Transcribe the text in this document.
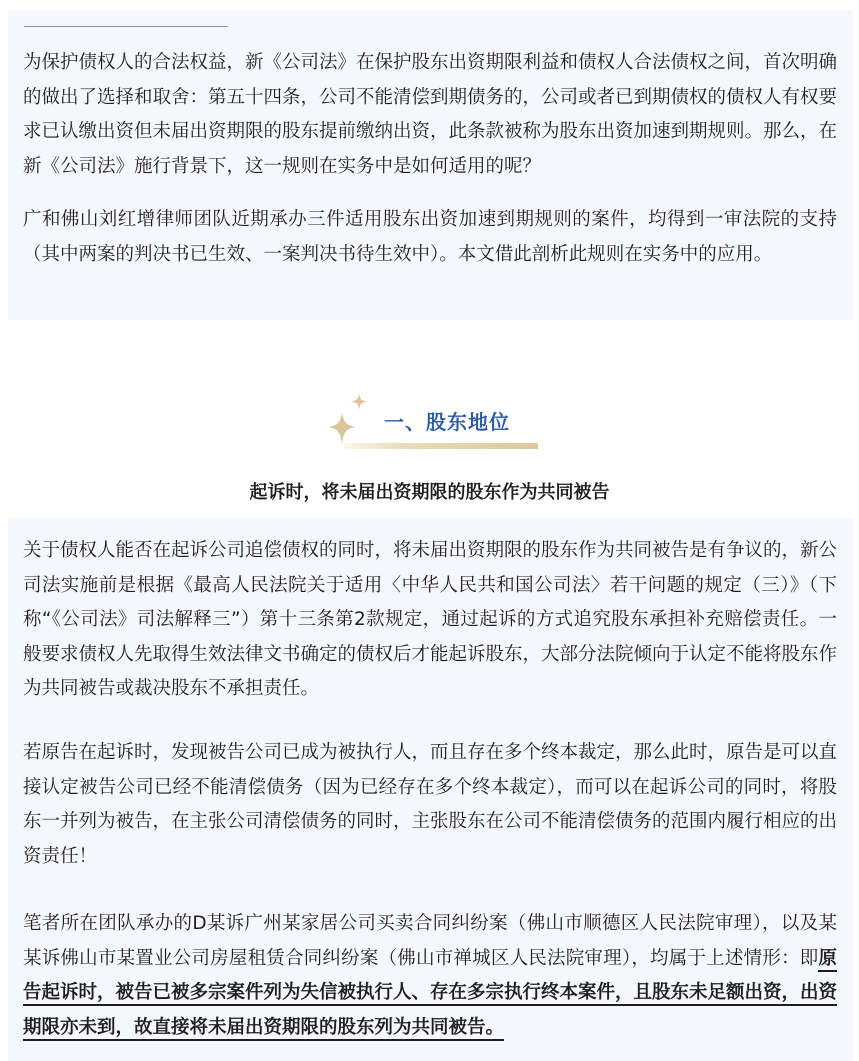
为保护债权人的合法权益，新《公司法》在保护股东出资期限利益和债权人合法债权之间，首次明确的做出了选择和取舍：第五十四条，公司不能清偿到期债务的，公司或者已到期债权的债权人有权要求已认缴出资但未届出资期限的股东提前缴纳出资，此条款被称为股东出资加速到期规则。那么，在新《公司法》施行背景下，这一规则在实务中是如何适用的呢？

广和佛山刘红增律师团队近期承办三件适用股东出资加速到期规则的案件，均得到一审法院的支持（其中两案的判决书已生效、一案判决书待生效中）。本文借此剖析此规则在实务中的应用。

一、股东地位
起诉时，将未届出资期限的股东作为共同被告

关于债权人能否在起诉公司追偿债权的同时，将未届出资期限的股东作为共同被告是有争议的，新公司法实施前是根据《最高人民法院关于适用〈中华人民共和国公司法〉若干问题的规定（三）》（下称“《公司法》司法解释三”）第十三条第2款规定，通过起诉的方式追究股东承担补充赔偿责任。一般要求债权人先取得生效法律文书确定的债权后才能起诉股东，大部分法院倾向于认定不能将股东作为共同被告或裁决股东不承担责任。

若原告在起诉时，发现被告公司已成为被执行人，而且存在多个终本裁定，那么此时，原告是可以直接认定被告公司已经不能清偿债务（因为已经存在多个终本裁定），而可以在起诉公司的同时，将股东一并列为被告，在主张公司清偿债务的同时，主张股东在公司不能清偿债务的范围内履行相应的出资责任！

笔者所在团队承办的D某诉广州某家居公司买卖合同纠纷案（佛山市顺德区人民法院审理），以及某某诉佛山市某置业公司房屋租赁合同纠纷案（佛山市禅城区人民法院审理），均属于上述情形：即原告起诉时，被告已被多宗案件列为失信被执行人、存在多宗执行终本案件，且股东未足额出资，出资期限亦未到，故直接将未届出资期限的股东列为共同被告。
